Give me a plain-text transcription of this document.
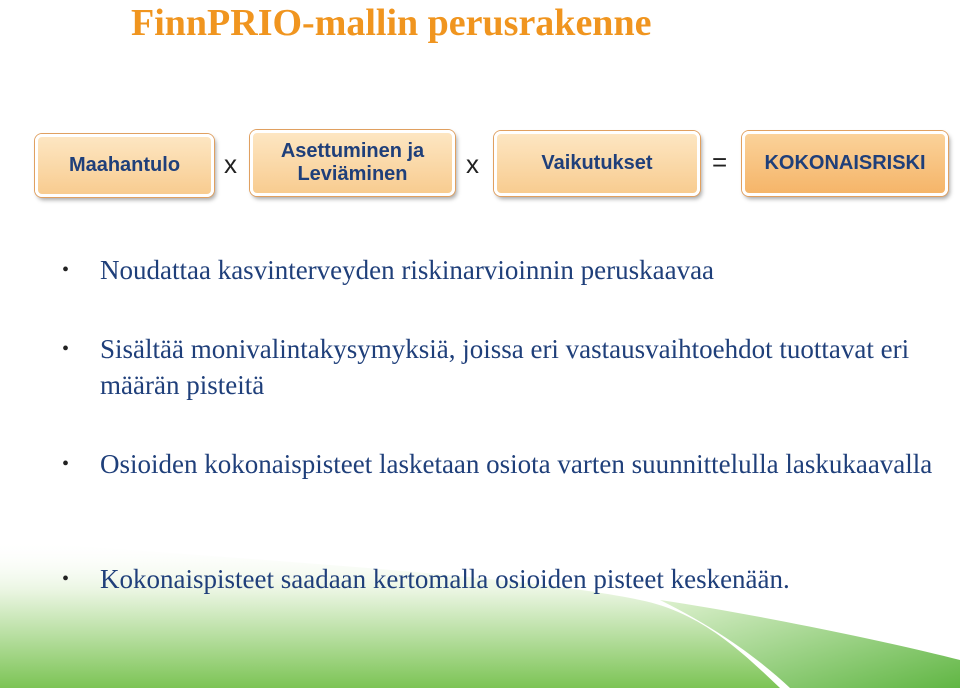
FinnPRIO-mallin perusrakenne
Maahantulo x	Asettuminen ja Leviäminen	x	Vaikutukset = KOKONAISRISKI
•	Noudattaa kasvinterveyden riskinarvioinnin peruskaavaa
•	Sisältää monivalintakysymyksiä, joissa eri vastausvaihtoehdot tuottavat eri määrän pisteitä
•	Osioiden kokonaispisteet lasketaan osiota varten suunnittelulla laskukaavalla
•	Kokonaispisteet saadaan kertomalla osioiden pisteet keskenään.
